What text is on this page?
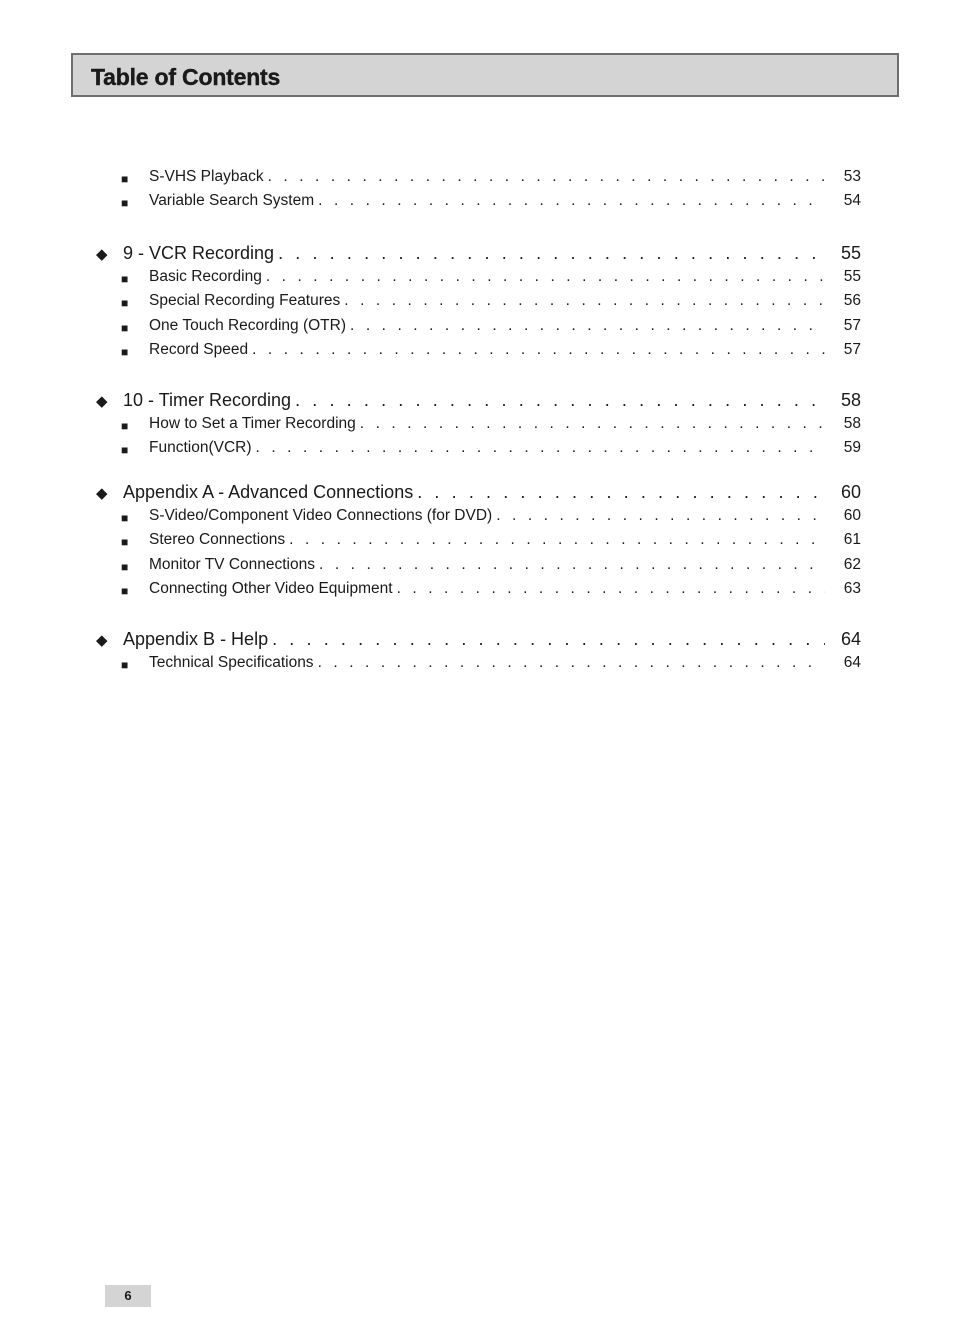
Table of Contents
■ S-VHS Playback . . .	53
■ Variable Search System . . .	54
◆ 9 - VCR Recording . . .	55
■ Basic Recording . . .	55
■ Special Recording Features . . .	56
■ One Touch Recording (OTR) . . .	57
■ Record Speed . . .	57
◆ 10 - Timer Recording . . .	58
■ How to Set a Timer Recording . . .	58
■ Function(VCR) . . .	59
◆ Appendix A - Advanced Connections . . .	60
■ S-Video/Component Video Connections (for DVD) . . .	60
■ Stereo Connections . . .	61
■ Monitor TV Connections . . .	62
■ Connecting Other Video Equipment . . .	63
◆ Appendix B - Help . . .	64
■ Technical Specifications . . .	64
6
